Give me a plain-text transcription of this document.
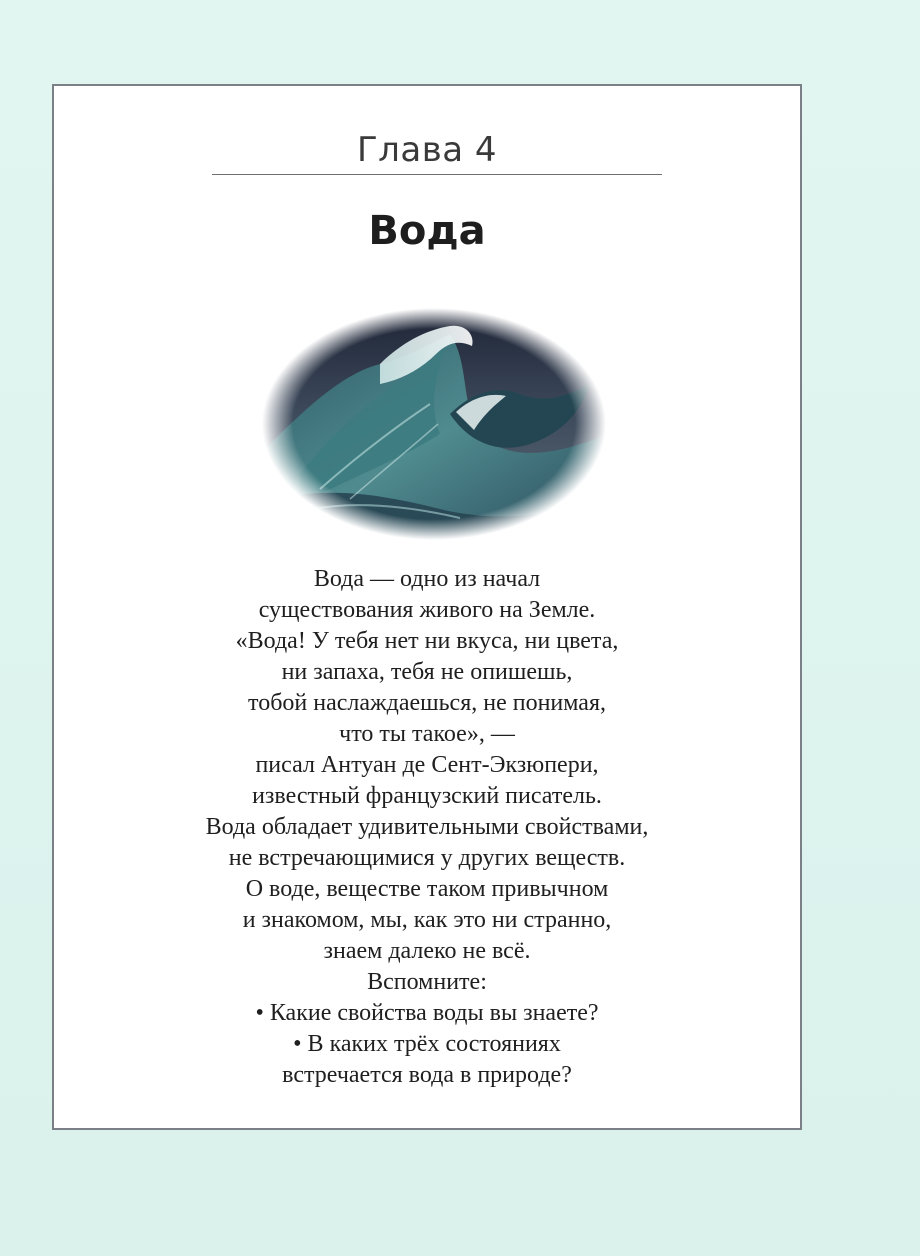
Глава 4
Вода
Вода — одно из начал
существования живого на Земле.
«Вода! У тебя нет ни вкуса, ни цвета,
ни запаха, тебя не опишешь,
тобой наслаждаешься, не понимая,
что ты такое», —
писал Антуан де Сент-Экзюпери,
известный французский писатель.
Вода обладает удивительными свойствами,
не встречающимися у других веществ.
О воде, веществе таком привычном
и знакомом, мы, как это ни странно,
знаем далеко не всё.
Вспомните:
• Какие свойства воды вы знаете?
• В каких трёх состояниях
встречается вода в природе?
